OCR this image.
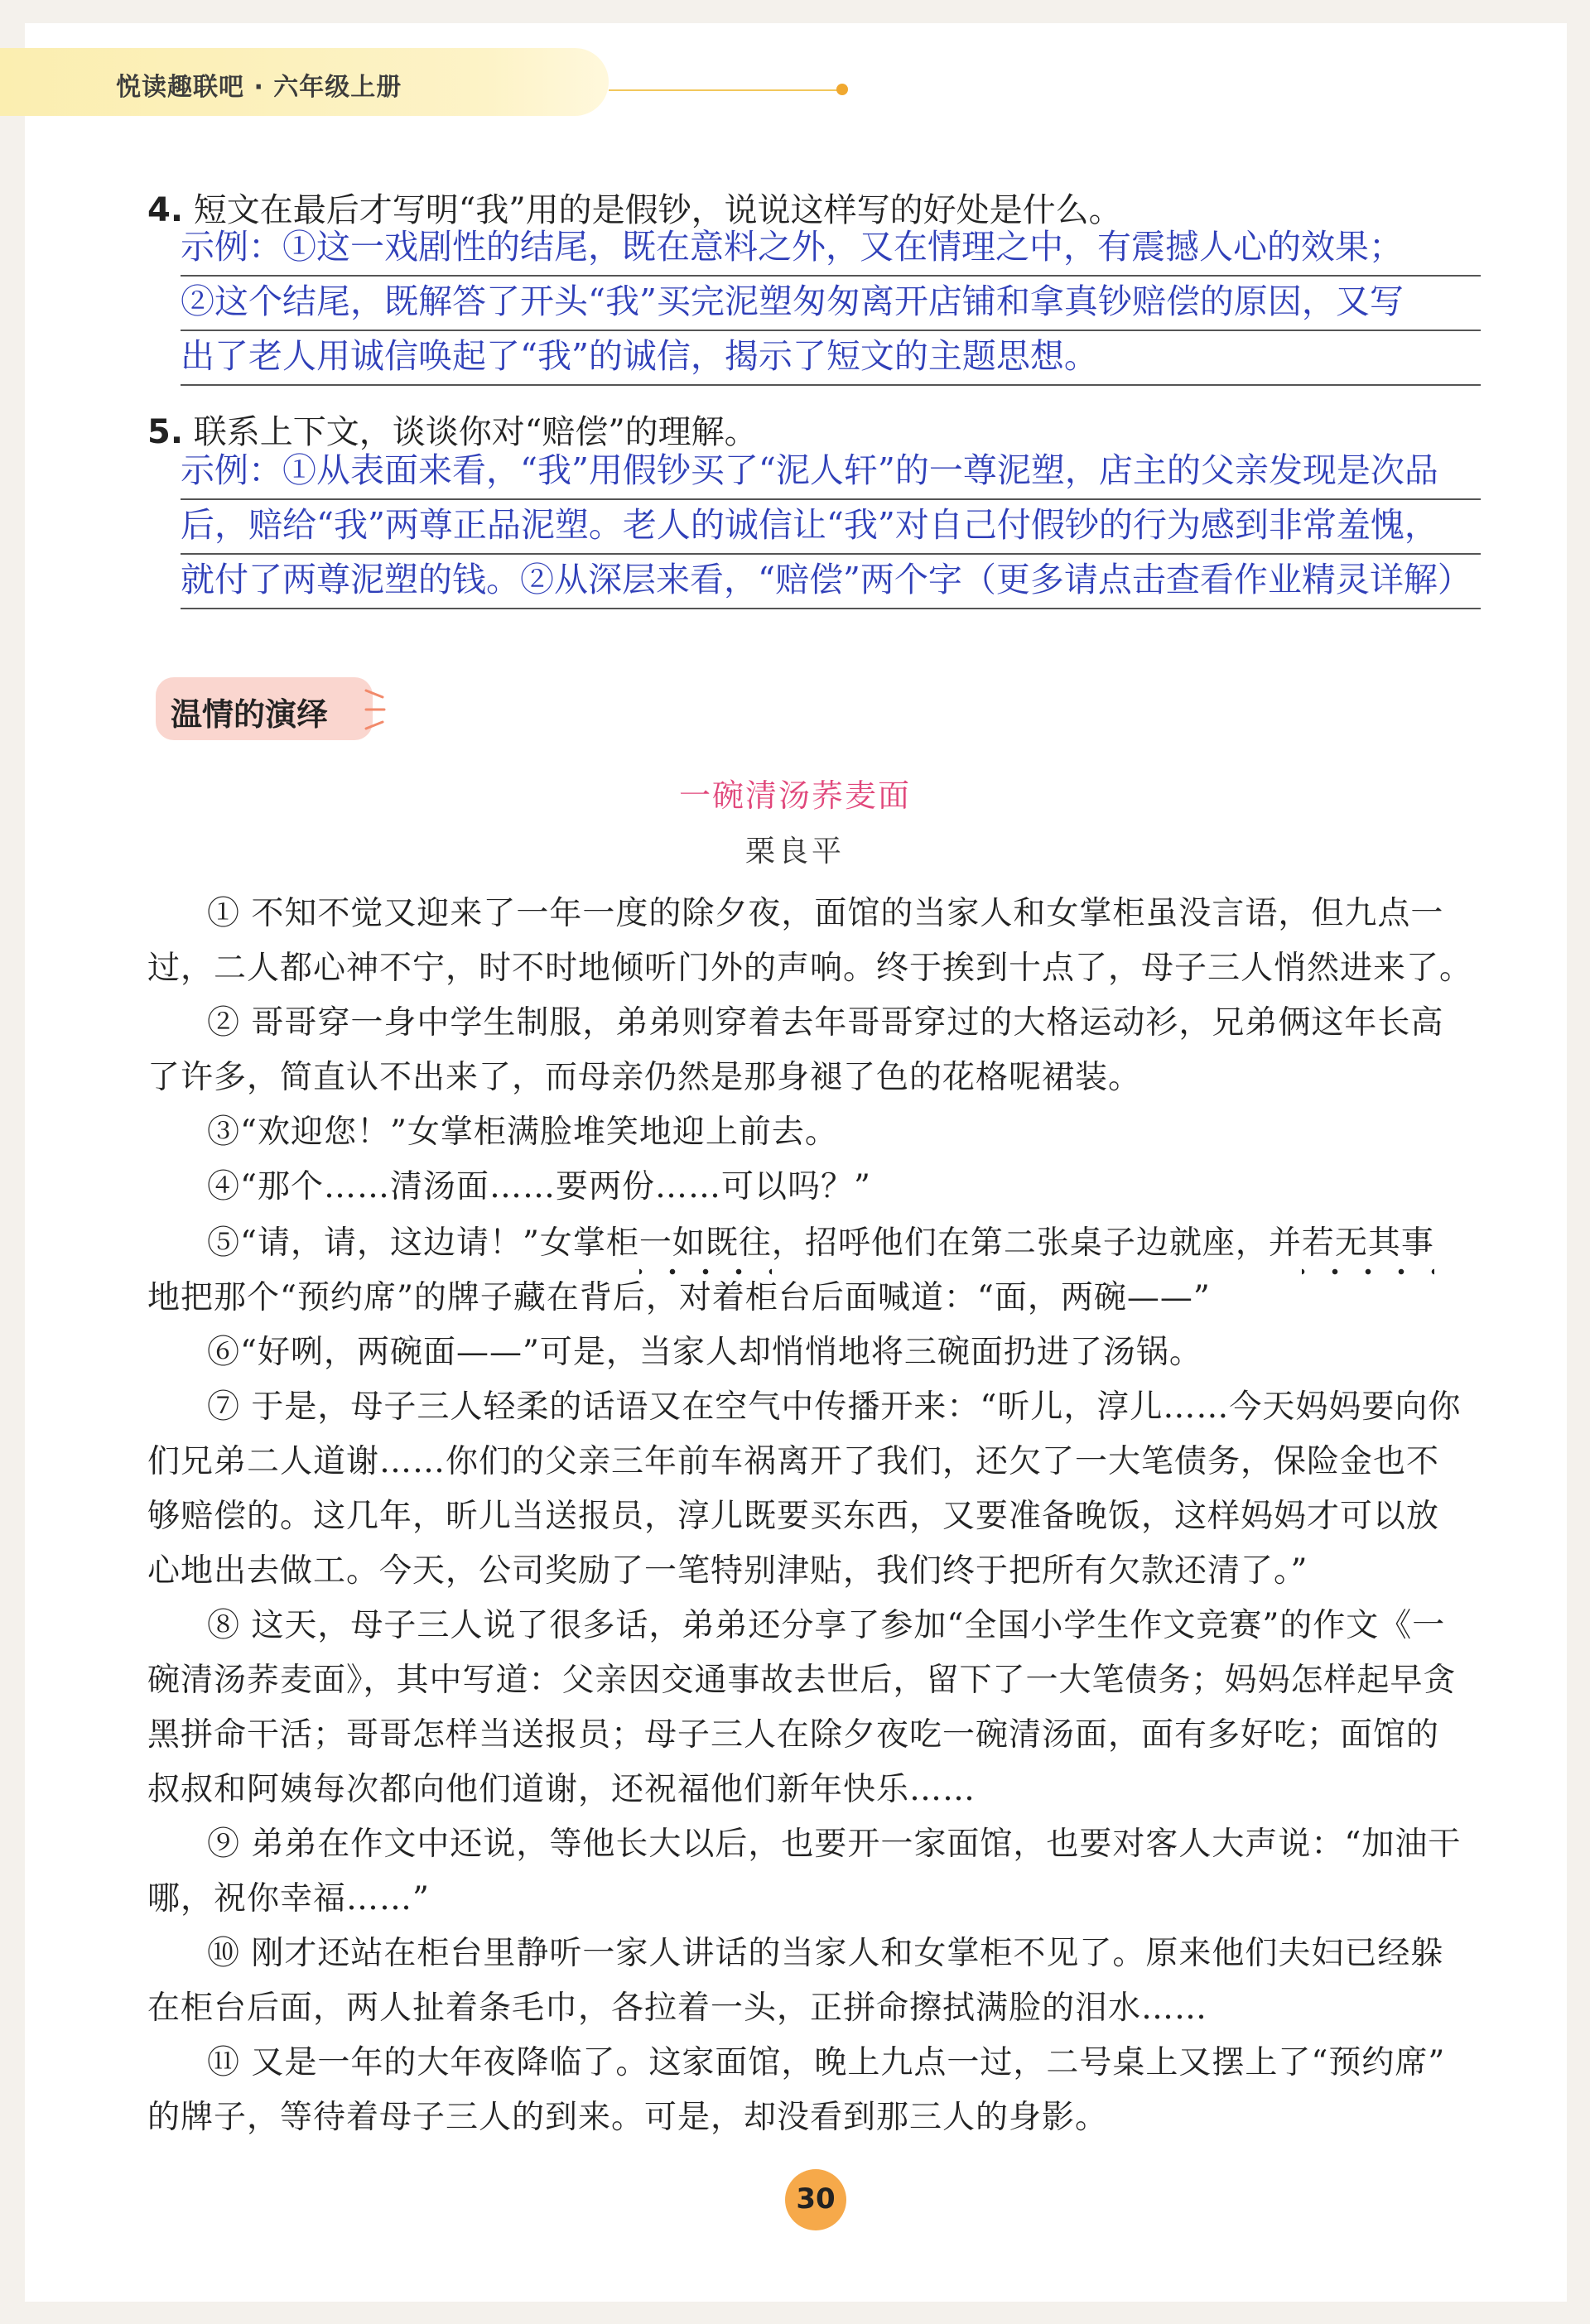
悦读趣联吧 · 六年级上册
4. 短文在最后才写明“我”用的是假钞，说说这样写的好处是什么。
示例：①这一戏剧性的结尾，既在意料之外，又在情理之中，有震撼人心的效果；
②这个结尾，既解答了开头“我”买完泥塑匆匆离开店铺和拿真钞赔偿的原因，又写
出了老人用诚信唤起了“我”的诚信，揭示了短文的主题思想。
5. 联系上下文，谈谈你对“赔偿”的理解。
示例：①从表面来看，“我”用假钞买了“泥人轩”的一尊泥塑，店主的父亲发现是次品
后，赔给“我”两尊正品泥塑。老人的诚信让“我”对自己付假钞的行为感到非常羞愧，
就付了两尊泥塑的钱。②从深层来看，“赔偿”两个字（更多请点击查看作业精灵详解）
温情的演绎
一碗清汤荞麦面
栗良平
① 不知不觉又迎来了一年一度的除夕夜，面馆的当家人和女掌柜虽没言语，但九点一
过，二人都心神不宁，时不时地倾听门外的声响。终于挨到十点了，母子三人悄然进来了。
② 哥哥穿一身中学生制服，弟弟则穿着去年哥哥穿过的大格运动衫，兄弟俩这年长高
了许多，简直认不出来了，而母亲仍然是那身褪了色的花格呢裙装。
③“欢迎您！”女掌柜满脸堆笑地迎上前去。
④“那个……清汤面……要两份……可以吗？”
⑤“请，请，这边请！”女掌柜一如既往，招呼他们在第二张桌子边就座，并若无其事
地把那个“预约席”的牌子藏在背后，对着柜台后面喊道：“面，两碗——”
⑥“好咧，两碗面——”可是，当家人却悄悄地将三碗面扔进了汤锅。
⑦ 于是，母子三人轻柔的话语又在空气中传播开来：“昕儿，淳儿……今天妈妈要向你
们兄弟二人道谢……你们的父亲三年前车祸离开了我们，还欠了一大笔债务，保险金也不
够赔偿的。这几年，昕儿当送报员，淳儿既要买东西，又要准备晚饭，这样妈妈才可以放
心地出去做工。今天，公司奖励了一笔特别津贴，我们终于把所有欠款还清了。”
⑧ 这天，母子三人说了很多话，弟弟还分享了参加“全国小学生作文竞赛”的作文《一
碗清汤荞麦面》，其中写道：父亲因交通事故去世后，留下了一大笔债务；妈妈怎样起早贪
黑拼命干活；哥哥怎样当送报员；母子三人在除夕夜吃一碗清汤面，面有多好吃；面馆的
叔叔和阿姨每次都向他们道谢，还祝福他们新年快乐……
⑨ 弟弟在作文中还说，等他长大以后，也要开一家面馆，也要对客人大声说：“加油干
哪，祝你幸福……”
⑩ 刚才还站在柜台里静听一家人讲话的当家人和女掌柜不见了。原来他们夫妇已经躲
在柜台后面，两人扯着条毛巾，各拉着一头，正拼命擦拭满脸的泪水……
⑪ 又是一年的大年夜降临了。这家面馆，晚上九点一过，二号桌上又摆上了“预约席”
的牌子，等待着母子三人的到来。可是，却没看到那三人的身影。
30
